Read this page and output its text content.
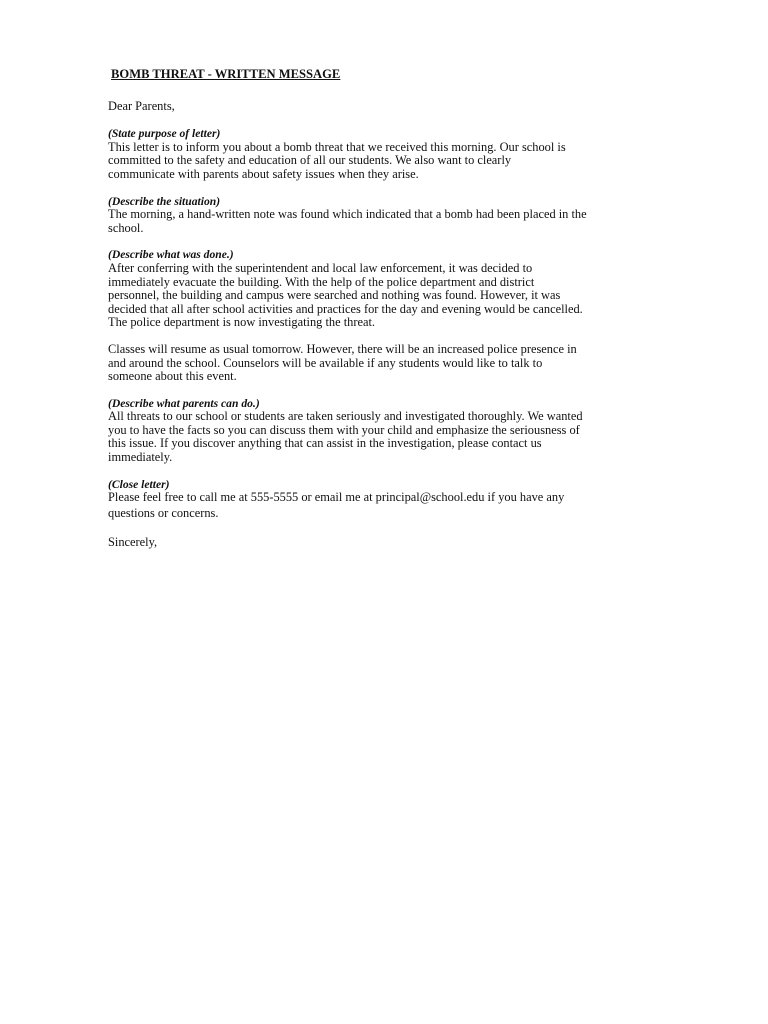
BOMB THREAT - WRITTEN MESSAGE
Dear Parents,
(State purpose of letter)
This letter is to inform you about a bomb threat that we received this morning. Our school is
committed to the safety and education of all our students. We also want to clearly
communicate with parents about safety issues when they arise.
(Describe the situation)
The morning, a hand-written note was found which indicated that a bomb had been placed in the
school.
(Describe what was done.)
After conferring with the superintendent and local law enforcement, it was decided to
immediately evacuate the building. With the help of the police department and district
personnel, the building and campus were searched and nothing was found. However, it was
decided that all after school activities and practices for the day and evening would be cancelled.
The police department is now investigating the threat.
Classes will resume as usual tomorrow. However, there will be an increased police presence in
and around the school. Counselors will be available if any students would like to talk to
someone about this event.
(Describe what parents can do.)
All threats to our school or students are taken seriously and investigated thoroughly. We wanted
you to have the facts so you can discuss them with your child and emphasize the seriousness of
this issue. If you discover anything that can assist in the investigation, please contact us
immediately.
(Close letter)
Please feel free to call me at 555-5555 or email me at principal@school.edu if you have any
questions or concerns.
Sincerely,
